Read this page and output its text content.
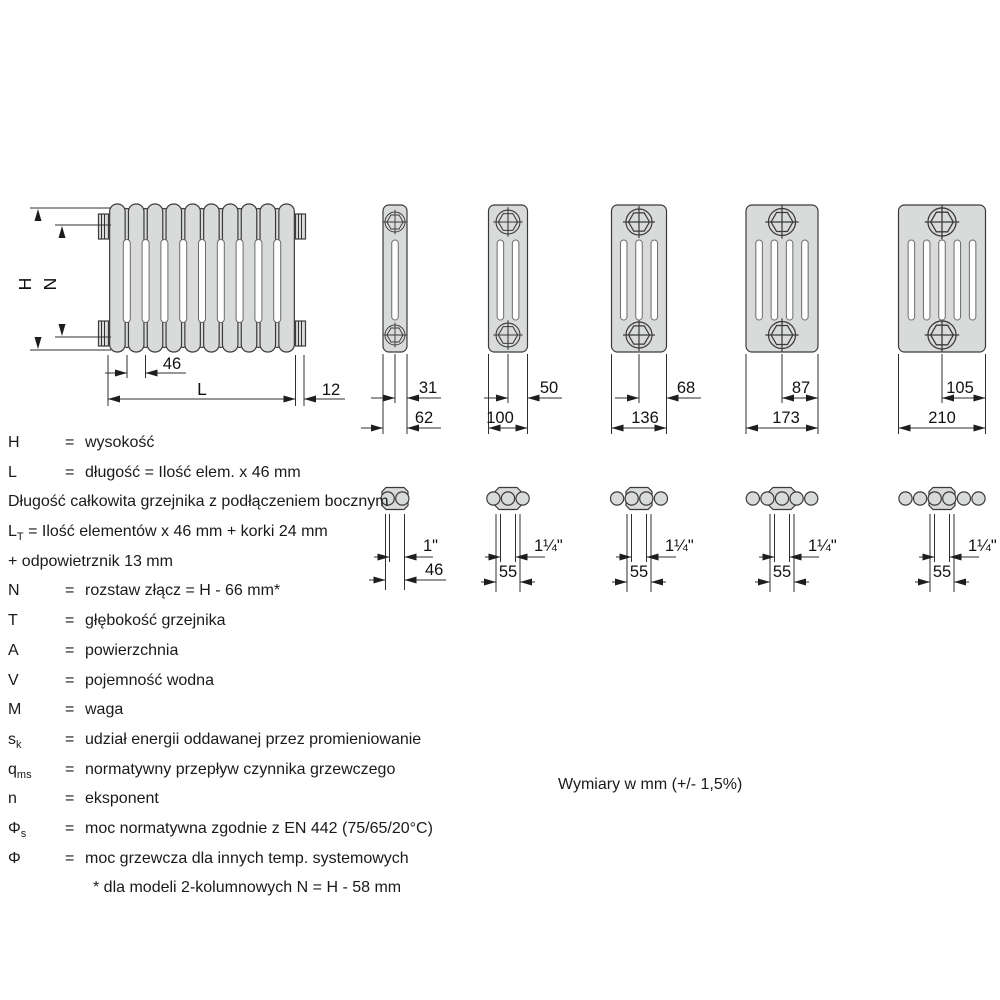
H N
46
L	12	31
62
50
100
68
136
87
173
105
210
1"
46
1¼"
55
1¼"
55
1¼"
55
1¼"
55
H	= wysokość
L	= długość = Ilość elem. x 46 mm
Długość całkowita grzejnika z podłączeniem bocznym
$L_T$ = Ilość elementów x 46 mm + korki 24 mm
+ odpowietrznik 13 mm
N	= rozstaw złącz = H - 66 mm*
T	= głębokość grzejnika
A	= powierzchnia
V	= pojemność wodna
M	= waga
$s_k$	= udział energii oddawanej przez promieniowanie
$q_{ms}$ = normatywny przepływ czynnika grzewczego
n	= eksponent
$\Phi_s$ = moc normatywna zgodnie z EN 442 (75/65/20°C)
Φ	= moc grzewcza dla innych temp. systemowych
* dla modeli 2-kolumnowych N = H - 58 mm
Wymiary w mm (+/- 1,5%)
